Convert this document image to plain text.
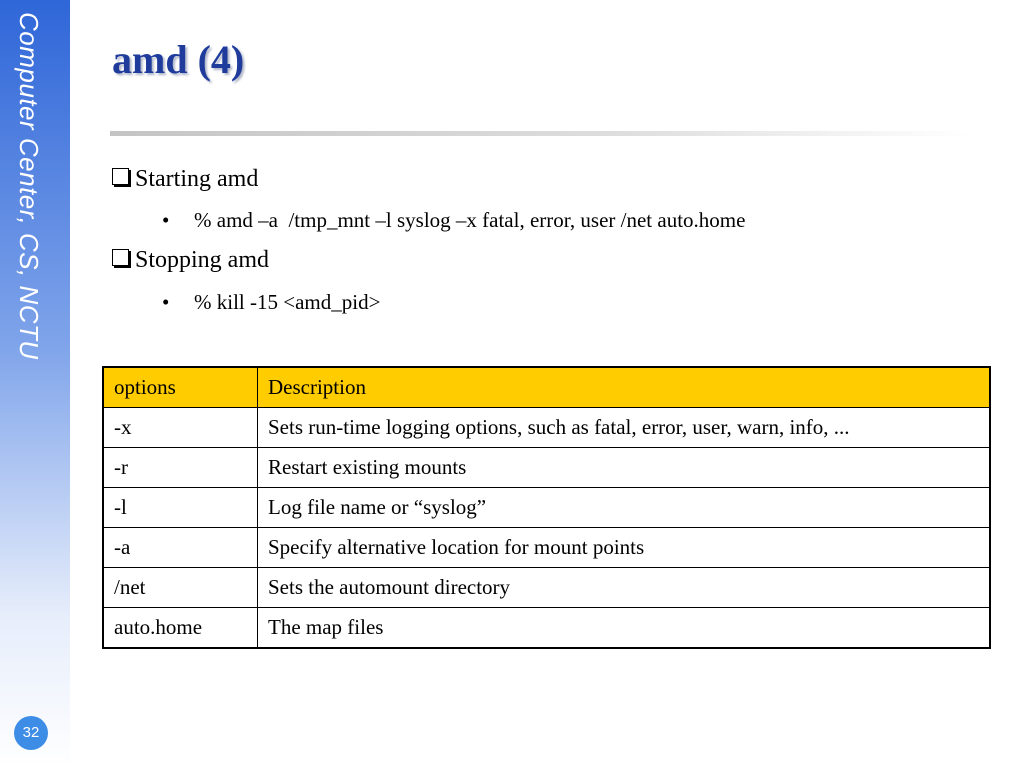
Computer Center, CS, NCTU
32
amd (4)
Starting amd
• % amd –a  /tmp_mnt –l syslog –x fatal, error, user /net auto.home
Stopping amd
• % kill -15 <amd_pid>
options	Description
-x	Sets run-time logging options, such as fatal, error, user, warn, info, ...
-r	Restart existing mounts
-l	Log file name or “syslog”
-a	Specify alternative location for mount points
/net	Sets the automount directory
auto.home	The map files
